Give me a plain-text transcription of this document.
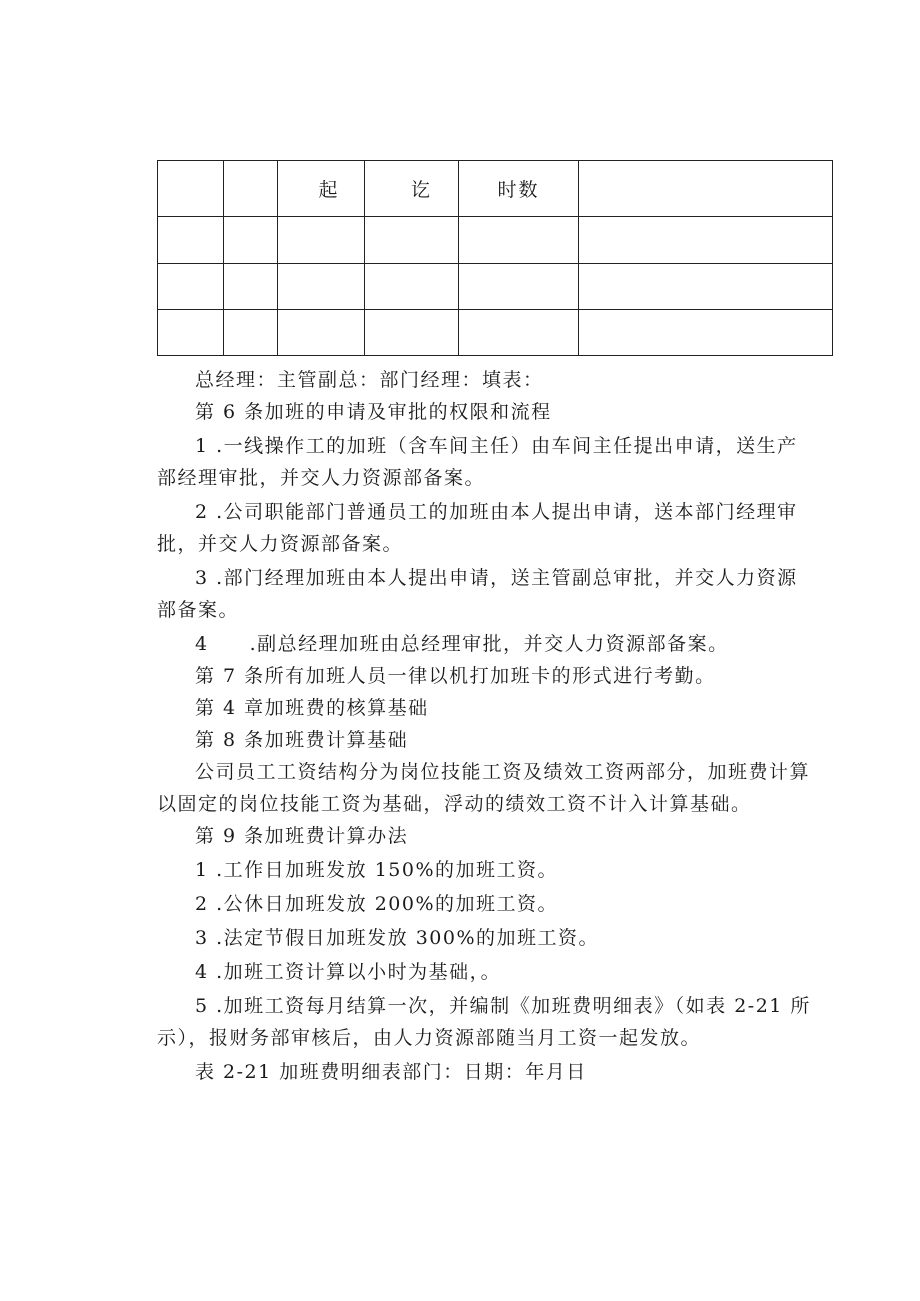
		起	讫	时数	

总经理：主管副总：部门经理：填表：

第 6 条加班的申请及审批的权限和流程

1 .一线操作工的加班（含车间主任）由车间主任提出申请，送生产部经理审批，并交人力资源部备案。

2 .公司职能部门普通员工的加班由本人提出申请，送本部门经理审批，并交人力资源部备案。

3 .部门经理加班由本人提出申请，送主管副总审批，并交人力资源部备案。

4　　.副总经理加班由总经理审批，并交人力资源部备案。

第 7 条所有加班人员一律以机打加班卡的形式进行考勤。

第 4 章加班费的核算基础

第 8 条加班费计算基础

公司员工工资结构分为岗位技能工资及绩效工资两部分，加班费计算以固定的岗位技能工资为基础，浮动的绩效工资不计入计算基础。

第 9 条加班费计算办法

1 .工作日加班发放 150%的加班工资。

2 .公休日加班发放 200%的加班工资。

3 .法定节假日加班发放 300%的加班工资。

4 .加班工资计算以小时为基础，。

5 .加班工资每月结算一次，并编制《加班费明细表》（如表 2-21 所示），报财务部审核后，由人力资源部随当月工资一起发放。

表 2-21 加班费明细表部门：日期：年月日
